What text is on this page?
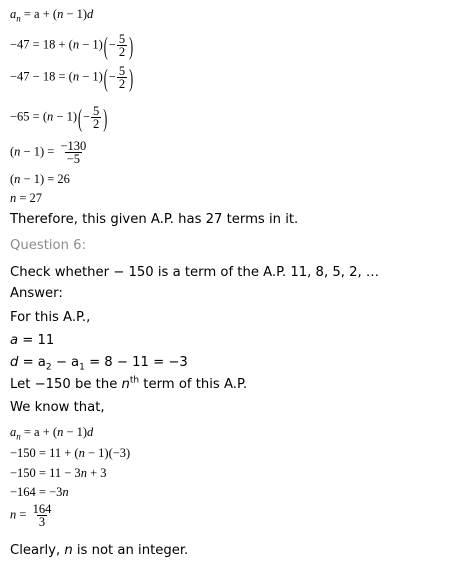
$a_n = a + (n - 1)d$
$-47 = 18 + (n - 1)(- \frac{5}{2}$ )
$-47 - 18 = (n - 1)(- \frac{5}{2}$ )
$-65 = (n - 1)(- \frac{5}{2}$ )
$(n - 1) = \frac{-130}{-5}$
(n − 1) = 26
n = 27
Therefore, this given A.P. has 27 terms in it.
Question 6:
Check whether − 150 is a term of the A.P. 11, 8, 5, 2, …
Answer:
For this A.P.,
a = 11
$d = a_2 - a_1 = 8 - 11 = -3$
Let −150 be the $n^{th}$ term of this A.P.
We know that,
$a_n = a + (n - 1)d$
−150 = 11 + (n − 1)(−3)
−150 = 11 − 3n + 3
−164 = −3n
$n = \frac{164}{3}$
Clearly, n is not an integer.
